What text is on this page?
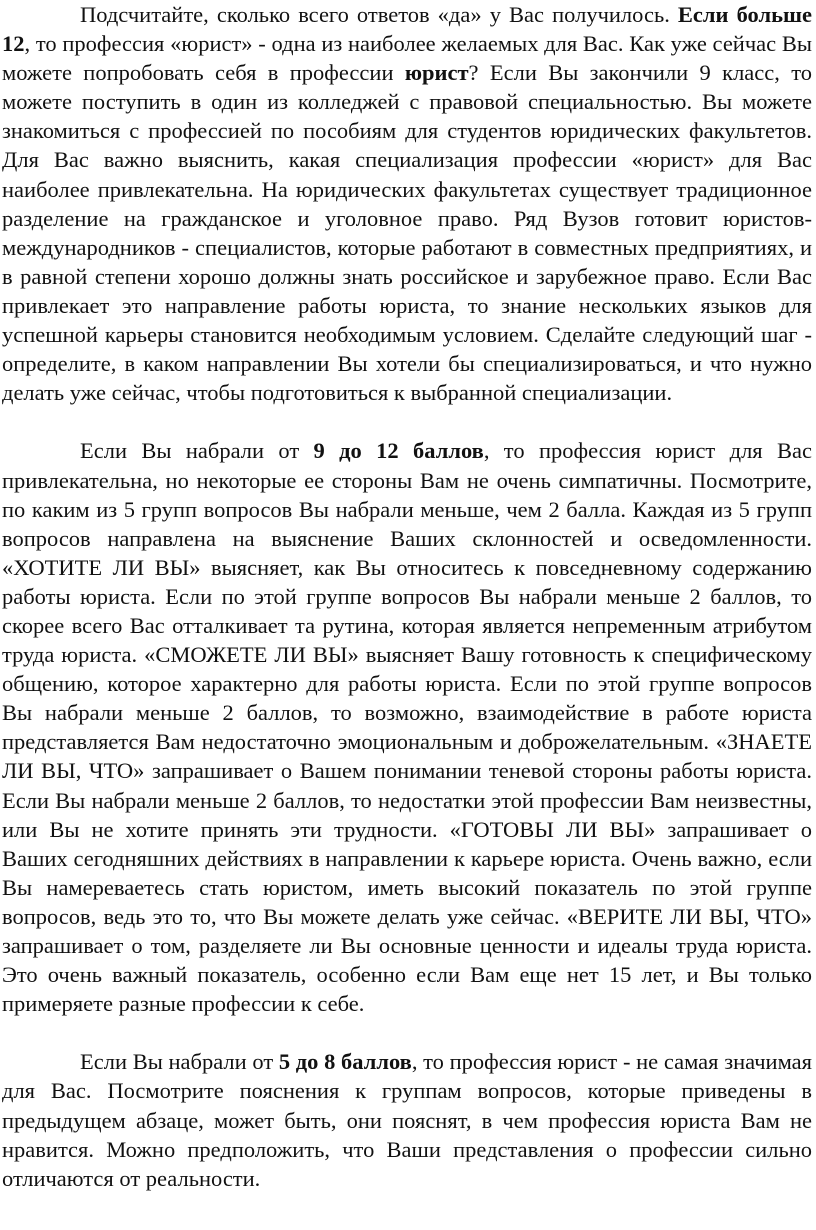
Подсчитайте, сколько всего ответов «да» у Вас получилось. Если больше 12, то профессия «юрист» - одна из наиболее желаемых для Вас. Как уже сейчас Вы можете попробовать себя в профессии юрист? Если Вы закончили 9 класс, то можете поступить в один из колледжей с правовой специальностью. Вы можете знакомиться с профессией по пособиям для студентов юридических факультетов. Для Вас важно выяснить, какая специализация профессии «юрист» для Вас наиболее привлекательна. На юридических факультетах существует традиционное разделение на гражданское и уголовное право. Ряд Вузов готовит юристов-международников - специалистов, которые работают в совместных предприятиях, и в равной степени хорошо должны знать российское и зарубежное право. Если Вас привлекает это направление работы юриста, то знание нескольких языков для успешной карьеры становится необходимым условием. Сделайте следующий шаг - определите, в каком направлении Вы хотели бы специализироваться, и что нужно делать уже сейчас, чтобы подготовиться к выбранной специализации.

Если Вы набрали от 9 до 12 баллов, то профессия юрист для Вас привлекательна, но некоторые ее стороны Вам не очень симпатичны. Посмотрите, по каким из 5 групп вопросов Вы набрали меньше, чем 2 балла. Каждая из 5 групп вопросов направлена на выяснение Ваших склонностей и осведомленности. «ХОТИТЕ ЛИ ВЫ» выясняет, как Вы относитесь к повседневному содержанию работы юриста. Если по этой группе вопросов Вы набрали меньше 2 баллов, то скорее всего Вас отталкивает та рутина, которая является непременным атрибутом труда юриста. «СМОЖЕТЕ ЛИ ВЫ» выясняет Вашу готовность к специфическому общению, которое характерно для работы юриста. Если по этой группе вопросов Вы набрали меньше 2 баллов, то возможно, взаимодействие в работе юриста представляется Вам недостаточно эмоциональным и доброжелательным. «ЗНАЕТЕ ЛИ ВЫ, ЧТО» запрашивает о Вашем понимании теневой стороны работы юриста. Если Вы набрали меньше 2 баллов, то недостатки этой профессии Вам неизвестны, или Вы не хотите принять эти трудности. «ГОТОВЫ ЛИ ВЫ» запрашивает о Ваших сегодняшних действиях в направлении к карьере юриста. Очень важно, если Вы намереваетесь стать юристом, иметь высокий показатель по этой группе вопросов, ведь это то, что Вы можете делать уже сейчас. «ВЕРИТЕ ЛИ ВЫ, ЧТО» запрашивает о том, разделяете ли Вы основные ценности и идеалы труда юриста. Это очень важный показатель, особенно если Вам еще нет 15 лет, и Вы только примеряете разные профессии к себе.

Если Вы набрали от 5 до 8 баллов, то профессия юрист - не самая значимая для Вас. Посмотрите пояснения к группам вопросов, которые приведены в предыдущем абзаце, может быть, они пояснят, в чем профессия юриста Вам не нравится. Можно предположить, что Ваши представления о профессии сильно отличаются от реальности.
